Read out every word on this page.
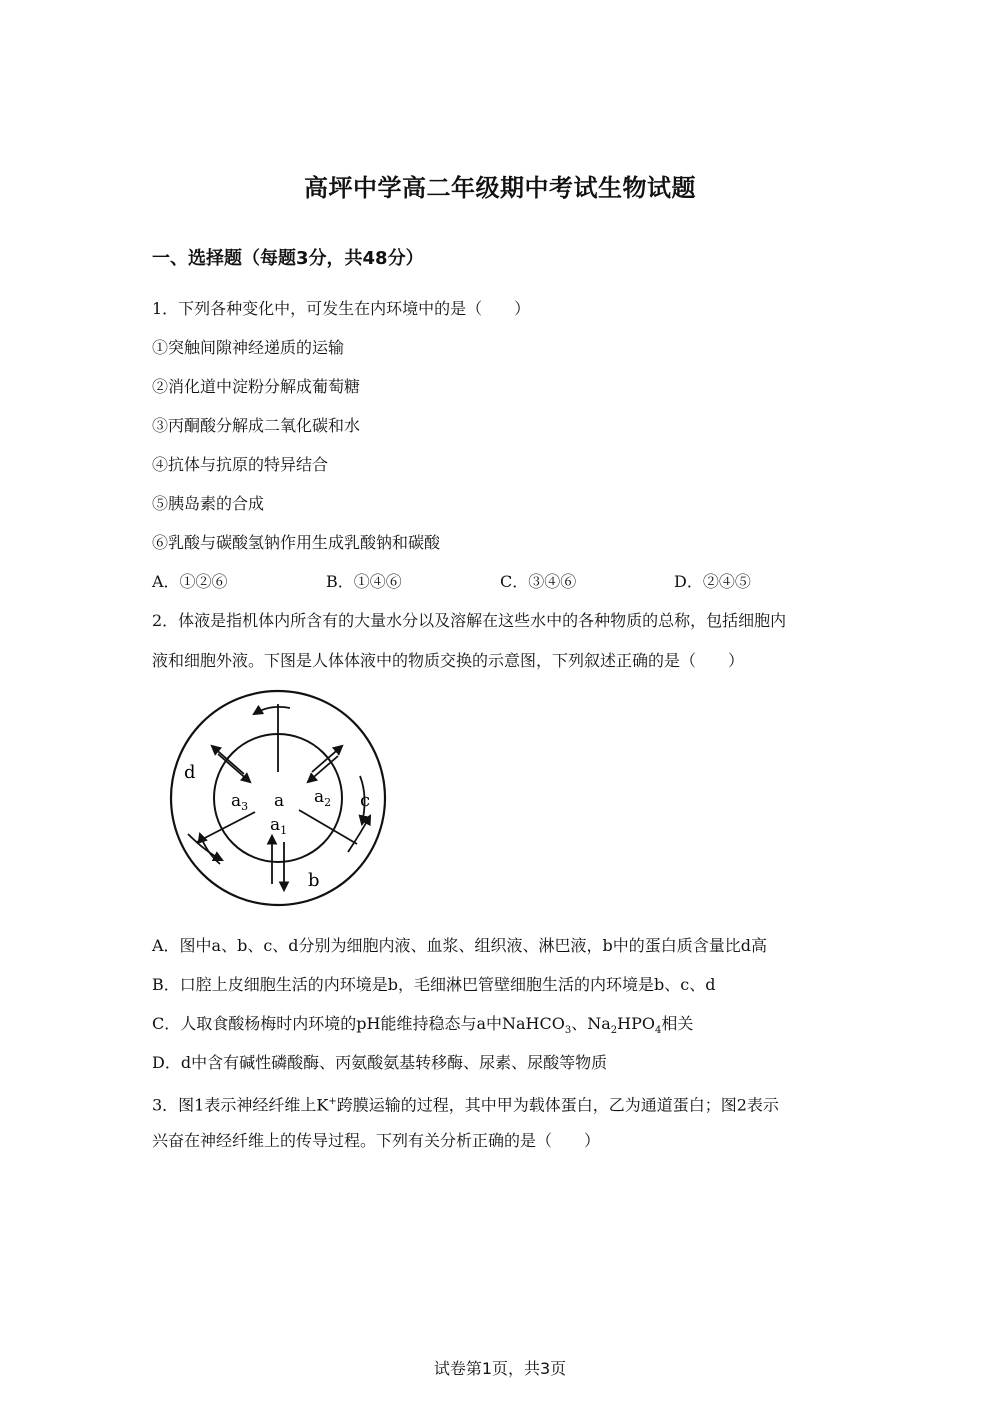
高坪中学高二年级期中考试生物试题
一、选择题（每题3分，共48分）
1．下列各种变化中，可发生在内环境中的是（　　）
①突触间隙神经递质的运输
②消化道中淀粉分解成葡萄糖
③丙酮酸分解成二氧化碳和水
④抗体与抗原的特异结合
⑤胰岛素的合成
⑥乳酸与碳酸氢钠作用生成乳酸钠和碳酸
A．①②⑥	B．①④⑥	C．③④⑥	D．②④⑤
2．体液是指机体内所含有的大量水分以及溶解在这些水中的各种物质的总称，包括细胞内
液和细胞外液。下图是人体体液中的物质交换的示意图，下列叙述正确的是（　　）
a
$a_3$	$a_2$
$a_1$
b
c
d
A．图中a、b、c、d分别为细胞内液、血浆、组织液、淋巴液，b中的蛋白质含量比d高
B．口腔上皮细胞生活的内环境是b，毛细淋巴管壁细胞生活的内环境是b、c、d
C．人取食酸杨梅时内环境的pH能维持稳态与a中NaHCO$_3$、$Na_2HPO_4$相关
D．d中含有碱性磷酸酶、丙氨酸氨基转移酶、尿素、尿酸等物质
3．图1表示神经纤维上K+跨膜运输的过程，其中甲为载体蛋白，乙为通道蛋白；图2表示
兴奋在神经纤维上的传导过程。下列有关分析正确的是（　　）
试卷第1页，共3页
